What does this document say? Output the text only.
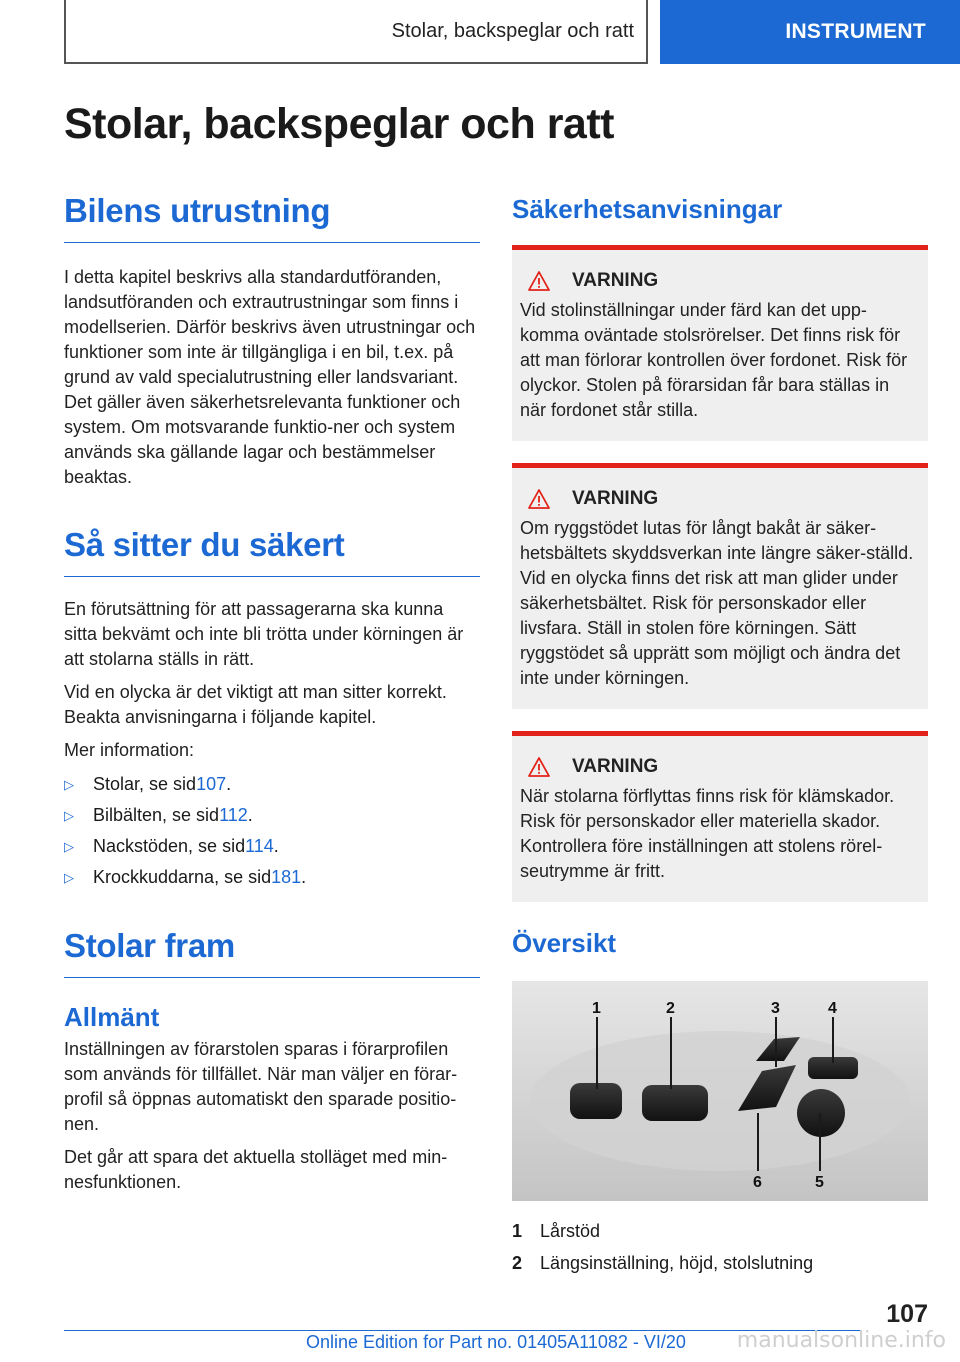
Stolar, backspeglar och ratt	INSTRUMENT
Stolar, backspeglar och ratt
Bilens utrustning

I detta kapitel beskrivs alla standardutföranden, landsutföranden och extrautrustningar som finns i modellserien. Därför beskrivs även utrustningar och funktioner som inte är tillgängliga i en bil, t.ex. på grund av vald specialutrustning eller landsvariant. Det gäller även säkerhetsrelevanta funktioner och system. Om motsvarande funktio-ner och system används ska gällande lagar och bestämmelser beaktas.

Så sitter du säkert

En förutsättning för att passagerarna ska kunna sitta bekvämt och inte bli trötta under körningen är att stolarna ställs in rätt.

Vid en olycka är det viktigt att man sitter korrekt. Beakta anvisningarna i följande kapitel.

Mer information:

▷	Stolar, se sid 107 .
▷	Bilbälten, se sid 112 .
▷	Nackstöden, se sid 114 .
▷	Krockkuddarna, se sid 181 .
Stolar fram
Allmänt

Inställningen av förarstolen sparas i förarprofilen som används för tillfället. När man väljer en förar-profil så öppnas automatiskt den sparade positio-nen.

Det går att spara det aktuella stolläget med min-nesfunktionen.

Säkerhetsanvisningar
VARNING

Vid stolinställningar under färd kan det upp-komma oväntade stolsrörelser. Det finns risk för att man förlorar kontrollen över fordonet. Risk för olyckor. Stolen på förarsidan får bara ställas in när fordonet står stilla.

VARNING

Om ryggstödet lutas för långt bakåt är säker-hetsbältets skyddsverkan inte längre säker-ställd. Vid en olycka finns det risk att man glider under säkerhetsbältet. Risk för personskador eller livsfara. Ställ in stolen före körningen. Sätt ryggstödet så upprätt som möjligt och ändra det inte under körningen.

VARNING

När stolarna förflyttas finns risk för klämskador. Risk för personskador eller materiella skador. Kontrollera före inställningen att stolens rörel-seutrymme är fritt.

Översikt
1	2	3	4
5
6
1 Lårstöd
2 Längsinställning, höjd, stolslutning
107
Online Edition for Part no. 01405A11082 - VI/20 manualsonline.info
